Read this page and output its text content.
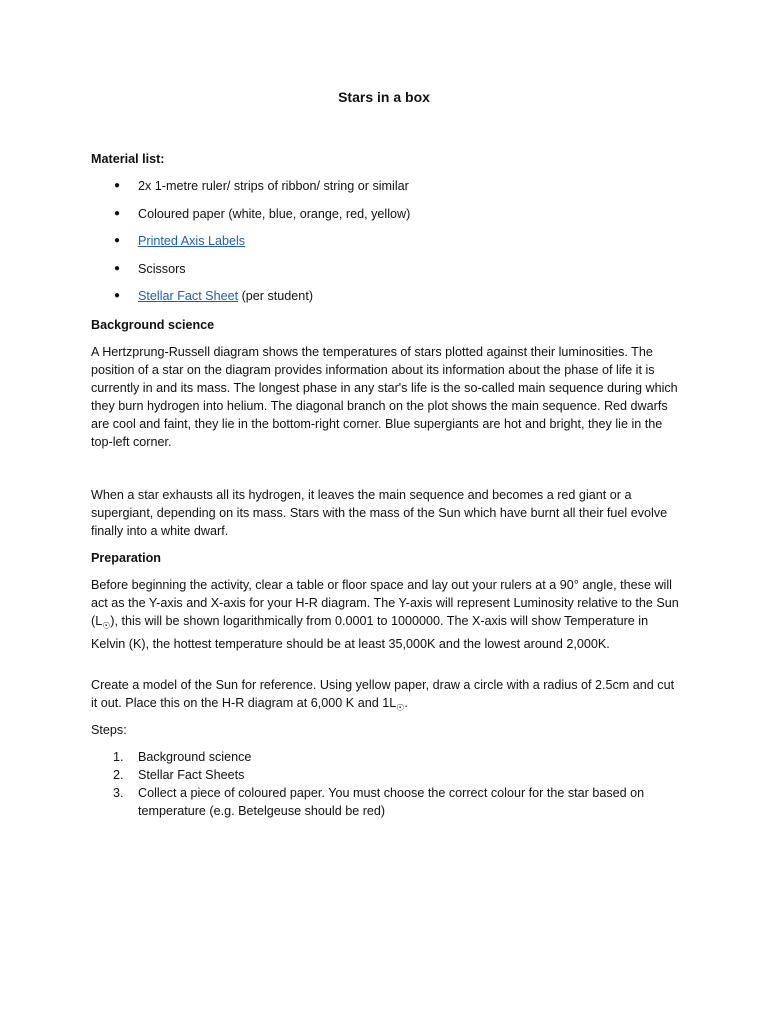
Stars in a box
Material list:
● 2x 1-metre ruler/ strips of ribbon/ string or similar
● Coloured paper (white, blue, orange, red, yellow)
● Printed Axis Labels
● Scissors
● Stellar Fact Sheet (per student)
Background science

A Hertzprung-Russell diagram shows the temperatures of stars plotted against their luminosities. The position of a star on the diagram provides information about its information about the phase of life it is currently in and its mass. The longest phase in any star's life is the so-called main sequence during which they burn hydrogen into helium. The diagonal branch on the plot shows the main sequence. Red dwarfs are cool and faint, they lie in the bottom-right corner. Blue supergiants are hot and bright, they lie in the top-left corner.

When a star exhausts all its hydrogen, it leaves the main sequence and becomes a red giant or a supergiant, depending on its mass. Stars with the mass of the Sun which have burnt all their fuel evolve finally into a white dwarf.

Preparation

Before beginning the activity, clear a table or floor space and lay out your rulers at a 90° angle, these will act as the Y-axis and X-axis for your H-R diagram. The Y-axis will represent Luminosity relative to the Sun $(L_☉)$, this will be shown logarithmically from 0.0001 to 1000000. The X-axis will show Temperature in Kelvin (K), the hottest temperature should be at least 35,000K and the lowest around 2,000K.

Create a model of the Sun for reference. Using yellow paper, draw a circle with a radius of 2.5cm and cut it out. Place this on the H-R diagram at 6,000 K and $1L_☉$.

Steps:
1. Background science
2. Stellar Fact Sheets
3. Collect a piece of coloured paper. You must choose the correct colour for the star based on temperature (e.g. Betelgeuse should be red)
